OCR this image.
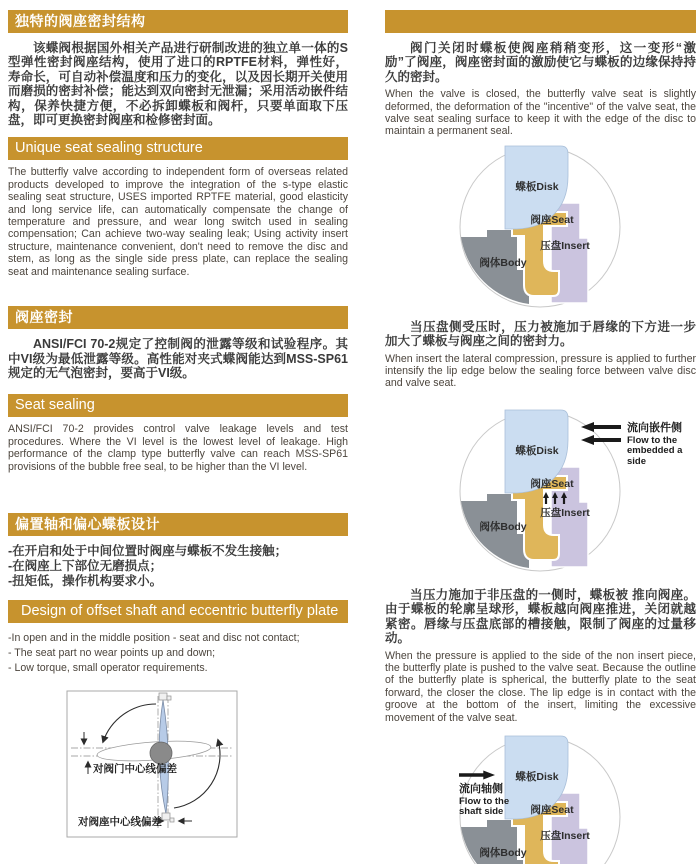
独特的阀座密封结构

该蝶阀根据国外相关产品进行研制改进的独立单一体的S型弹性密封阀座结构，使用了进口的RPTFE材料，弹性好，寿命长，可自动补偿温度和压力的变化，以及因长期开关使用而磨损的密封补偿；能达到双向密封无泄漏；采用活动嵌件结构，保养快捷方便，不必拆卸蝶板和阀杆，只要单面取下压盘，即可更换密封阀座和检修密封面。

Unique seat sealing structure

The butterfly valve according to independent form of overseas related products developed to improve the integration of the s-type elastic sealing seat structure, USES imported RPTFE material, good elasticity and long service life, can automatically compensate the change of temperature and pressure, and wear long switch used in sealing compensation; Can achieve two-way sealing leak; Using activity insert structure, maintenance convenient, don't need to remove the disc and stem, as long as the single side press plate, can replace the sealing seat and maintenance sealing surface.

阀座密封

ANSI/FCI 70-2规定了控制阀的泄露等级和试验程序。其中VI级为最低泄露等级。高性能对夹式蝶阀能达到MSS-SP61规定的无气泡密封，要高于VI级。

Seat sealing

ANSI/FCI 70-2 provides control valve leakage levels and test procedures. Where the VI level is the lowest level of leakage. High performance of the clamp type butterfly valve can reach MSS-SP61 provisions of the bubble free seal, to be higher than the VI level.

偏置轴和偏心蝶板设计
-在开启和处于中间位置时阀座与蝶板不发生接触；
-在阀座上下部位无磨损点；
-扭矩低，操作机构要求小。
Design of offset shaft and eccentric butterfly plate
-In open and in the middle position - seat and disc not contact;
- The seat part no wear points up and down;
- Low torque, small operator requirements.
对阀门中心线偏差
对阀座中心线偏差

阀门关闭时蝶板使阀座稍稍变形，这一变形“激励”了阀座，阀座密封面的激励使它与蝶板的边缘保持持久的密封。

When the valve is closed, the butterfly valve seat is slightly deformed, the deformation of the "incentive" of the valve seat, the valve seat sealing surface to keep it with the edge of the disc to maintain a permanent seal.

蝶板Disk
阀座Seat
压盘Insert
阀体Body

当压盘侧受压时，压力被施加于唇缘的下方进一步加大了蝶板与阀座之间的密封力。

When insert the lateral compression, pressure is applied to further intensify the lip edge below the sealing force between valve disc and valve seat.

蝶板Disk
阀座Seat
压盘Insert
阀体Body
流向嵌件侧
Flow to the embedded a side

当压力施加于非压盘的一侧时，蝶板被 推向阀座。由于蝶板的轮廓呈球形，蝶板越向阀座推进，关闭就越紧密。唇缘与压盘底部的槽接触，限制了阀座的过量移动。

When the pressure is applied to the side of the non insert piece, the butterfly plate is pushed to the valve seat. Because the outline of the butterfly plate is spherical, the butterfly plate to the seat forward, the closer the close. The lip edge is in contact with the groove at the bottom of the insert, limiting the excessive movement of the valve seat.

蝶板Disk
阀座Seat
压盘Insert
阀体Body
流向轴侧
Flow to the shaft side
